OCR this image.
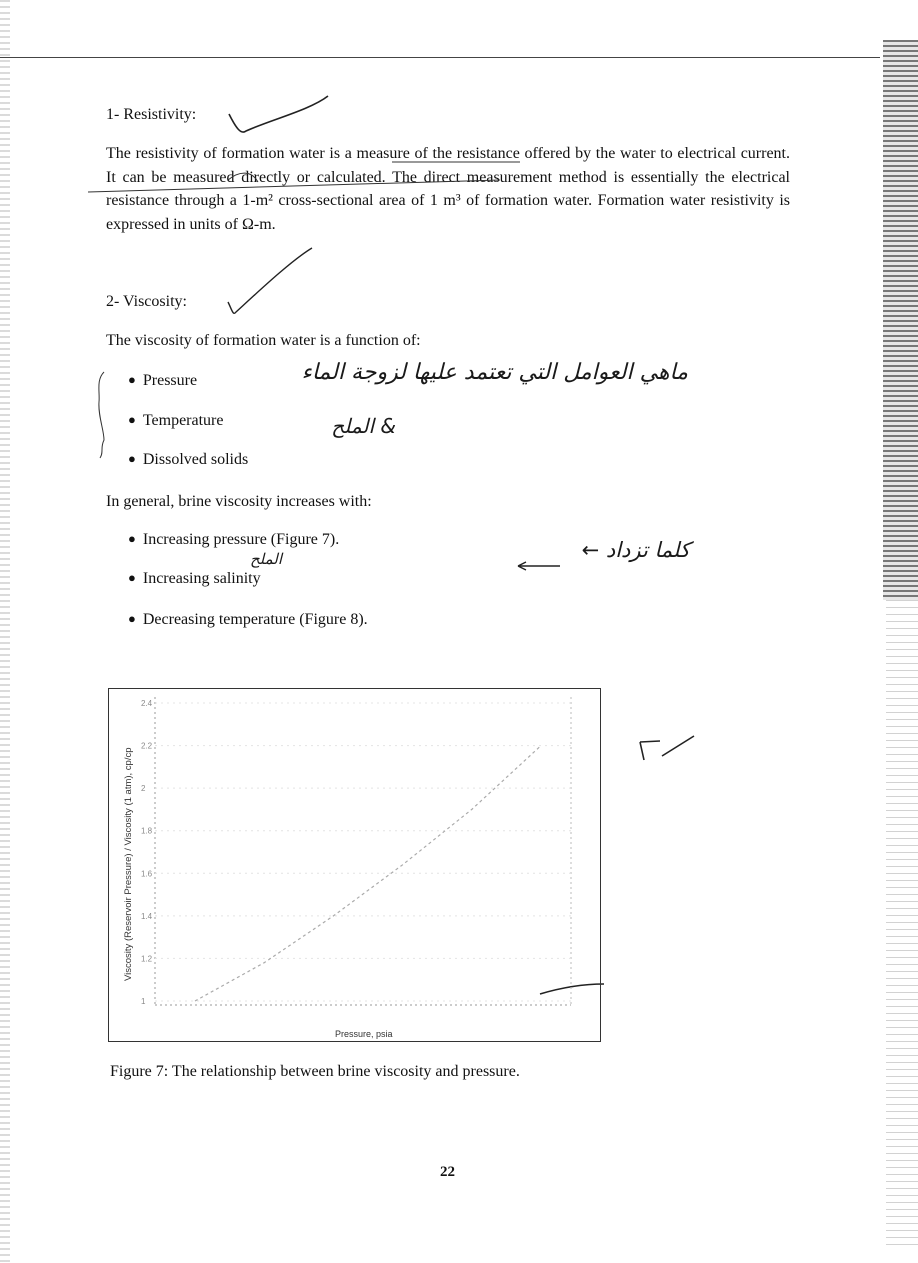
1- Resistivity:
The resistivity of formation water is a measure of the resistance offered by the water to electrical current. It can be measured directly or calculated. The direct measurement method is essentially the electrical resistance through a 1-m² cross-sectional area of 1 m³ of formation water. Formation water resistivity is expressed in units of Ω-m.
2- Viscosity:
The viscosity of formation water is a function of:
● Pressure
● Temperature
● Dissolved solids
In general, brine viscosity increases with:
● Increasing pressure (Figure 7).
● Increasing salinity
● Decreasing temperature (Figure 8).
ماهي العوامل التي تعتمد عليها لزوجة الماء
& الملح
الملح	كلما تزداد ←
2.4
2.2
2
1.8
1.6
1.4
1.2
1
Viscosity (Reservoir Pressure) / Viscosity (1 atm), cp/cp
Pressure, psia
Figure 7: The relationship between brine viscosity and pressure.
22
